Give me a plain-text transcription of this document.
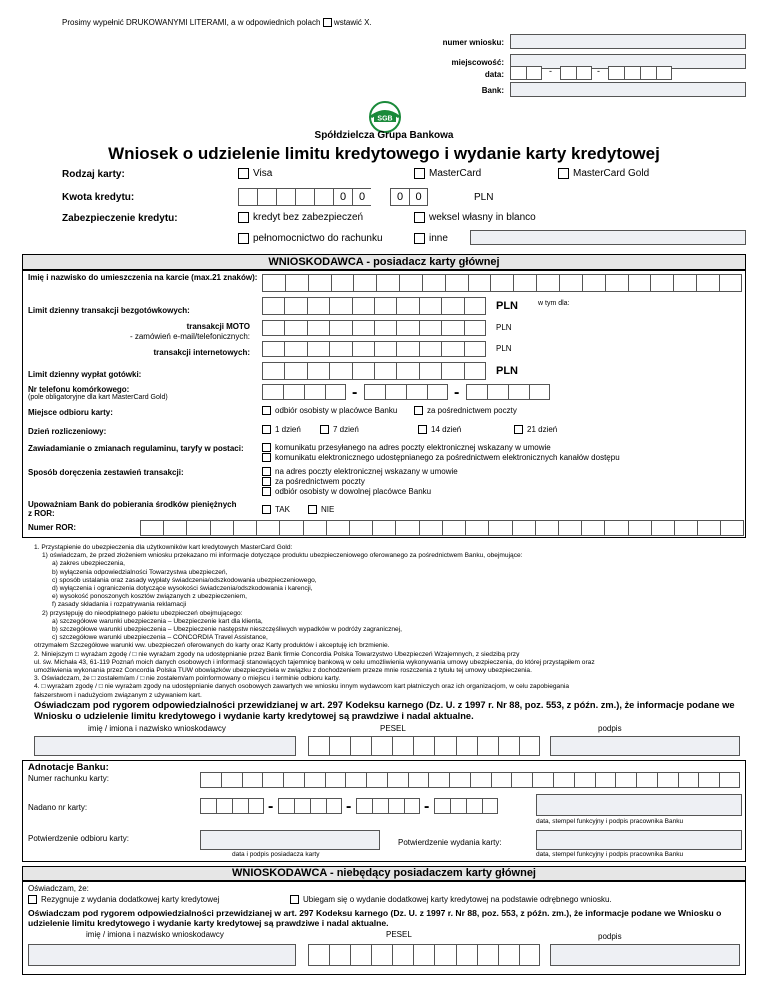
Prosimy wypełnić DRUKOWANYMI LITERAMI, a w odpowiednich polach wstawić X.
numer wniosku:
miejscowość:
data:	-	-
Bank:
SGB
Spółdzielcza Grupa Bankowa
Wniosek o udzielenie limitu kredytowego i wydanie karty kredytowej
Rodzaj karty:	Visa	MasterCard	MasterCard Gold
Kwota kredytu:	0	0	0	0	PLN
Zabezpieczenie kredytu:	kredyt bez zabezpieczeń	weksel własny in blanco
pełnomocnictwo do rachunku	inne
WNIOSKODAWCA - posiadacz karty głównej
Imię i nazwisko do umieszczenia na karcie (max.21 znaków):
Limit dzienny transakcji bezgotówkowych:	PLN	w tym dla:
transakcji MOTO
- zamówień e-mail/telefonicznych:
PLN
transakcji internetowych:	PLN
Limit dzienny wypłat gotówki:	PLN
Nr telefonu komórkowego:
(pole obligatoryjne dla kart MasterCard Gold)	-	-
Miejsce odbioru karty:	odbiór osobisty w placówce Banku	za pośrednictwem poczty
Dzień rozliczeniowy:	1 dzień	7 dzień	14 dzień	21 dzień
Zawiadamianie o zmianach regulaminu, taryfy w postaci:	komunikatu przesyłanego na adres poczty elektronicznej wskazany w umowie
komunikatu elektronicznego udostępnianego za pośrednictwem elektronicznych kanałów dostępu
Sposób doręczenia zestawień transakcji:	na adres poczty elektronicznej wskazany w umowie
za pośrednictwem poczty
odbiór osobisty w dowolnej placówce Banku
Upoważniam Bank do pobierania środków pieniężnych z ROR:	TAK	NIE
Numer ROR:
1. Przystąpienie do ubezpieczenia dla użytkowników kart kredytowych MasterCard Gold:
1) oświadczam, że przed złożeniem wniosku przekazano mi informacje dotyczące produktu ubezpieczeniowego oferowanego za pośrednictwem Banku, obejmujące:
a) zakres ubezpieczenia,
b) wyłączenia odpowiedzialności Towarzystwa ubezpieczeń,
c) sposób ustalania oraz zasady wypłaty świadczenia/odszkodowania ubezpieczeniowego,
d) wyłączenia i ograniczenia dotyczące wysokości świadczenia/odszkodowania i karencji,
e) wysokość ponoszonych kosztów związanych z ubezpieczeniem,
f) zasady składania i rozpatrywania reklamacji
2) przystępuję do nieodpłatnego pakietu ubezpieczeń obejmującego:
a) szczegółowe warunki ubezpieczenia – Ubezpieczenie kart dla klienta,
b) szczegółowe warunki ubezpieczenia – Ubezpieczenie następstw nieszczęśliwych wypadków w podróży zagranicznej,
c) szczegółowe warunki ubezpieczenia – CONCORDIA Travel Assistance,
otrzymałem Szczegółowe warunki ww. ubezpieczeń oferowanych do karty oraz Karty produktów i akceptuję ich brzmienie.
2. Niniejszym □ wyrażam zgodę / □ nie wyrażam zgody na udostępnianie przez Bank firmie Concordia Polska Towarzystwo Ubezpieczeń Wzajemnych, z siedzibą przy
ul. św. Michała 43, 61-119 Poznań moich danych osobowych i informacji stanowiących tajemnicę bankową w celu umożliwienia wykonywania umowy ubezpieczenia, do której przystąpiłem oraz
umożliwienia wykonania przez Concordia Polska TUW obowiązków ubezpieczyciela w związku z dochodzeniem przeze mnie roszczenia z tytułu tej umowy ubezpieczenia.
3. Oświadczam, że □ zostałem/am / □ nie zostałem/am poinformowany o miejscu i terminie odbioru karty.
4. □ wyrażam zgodę / □ nie wyrażam zgody na udostępnianie danych osobowych zawartych we wniosku innym wydawcom kart płatniczych oraz ich organizacjom, w celu zapobiegania
fałszerstwom i nadużyciom związanym z używaniem kart.
Oświadczam pod rygorem odpowiedzialności przewidzianej w art. 297 Kodeksu karnego (Dz. U. z 1997 r. Nr 88, poz. 553, z późn. zm.), że informacje podane we Wniosku o udzielenie limitu kredytowego i wydanie karty kredytowej są prawdziwe i nadal aktualne.
imię / imiona i nazwisko wnioskodawcy	PESEL	podpis
Adnotacje Banku:
Numer rachunku karty:
Nadano nr karty:	-	-	-
data, stempel funkcyjny i podpis pracownika Banku
Potwierdzenie odbioru karty:
data i podpis posiadacza karty
Potwierdzenie wydania karty:
data, stempel funkcyjny i podpis pracownika Banku
WNIOSKODAWCA - niebędący posiadaczem karty głównej
Oświadczam, że:
Rezygnuje z wydania dodatkowej karty kredytowej	Ubiegam się o wydanie dodatkowej karty kredytowej na podstawie odrębnego wniosku.
Oświadczam pod rygorem odpowiedzialności przewidzianej w art. 297 Kodeksu karnego (Dz. U. z 1997 r. Nr 88, poz. 553, z późn. zm.), że informacje podane we Wniosku o udzielenie limitu kredytowego i wydanie karty kredytowej są prawdziwe i nadal aktualne.
imię / imiona i nazwisko wnioskodawcy	PESEL	podpis
